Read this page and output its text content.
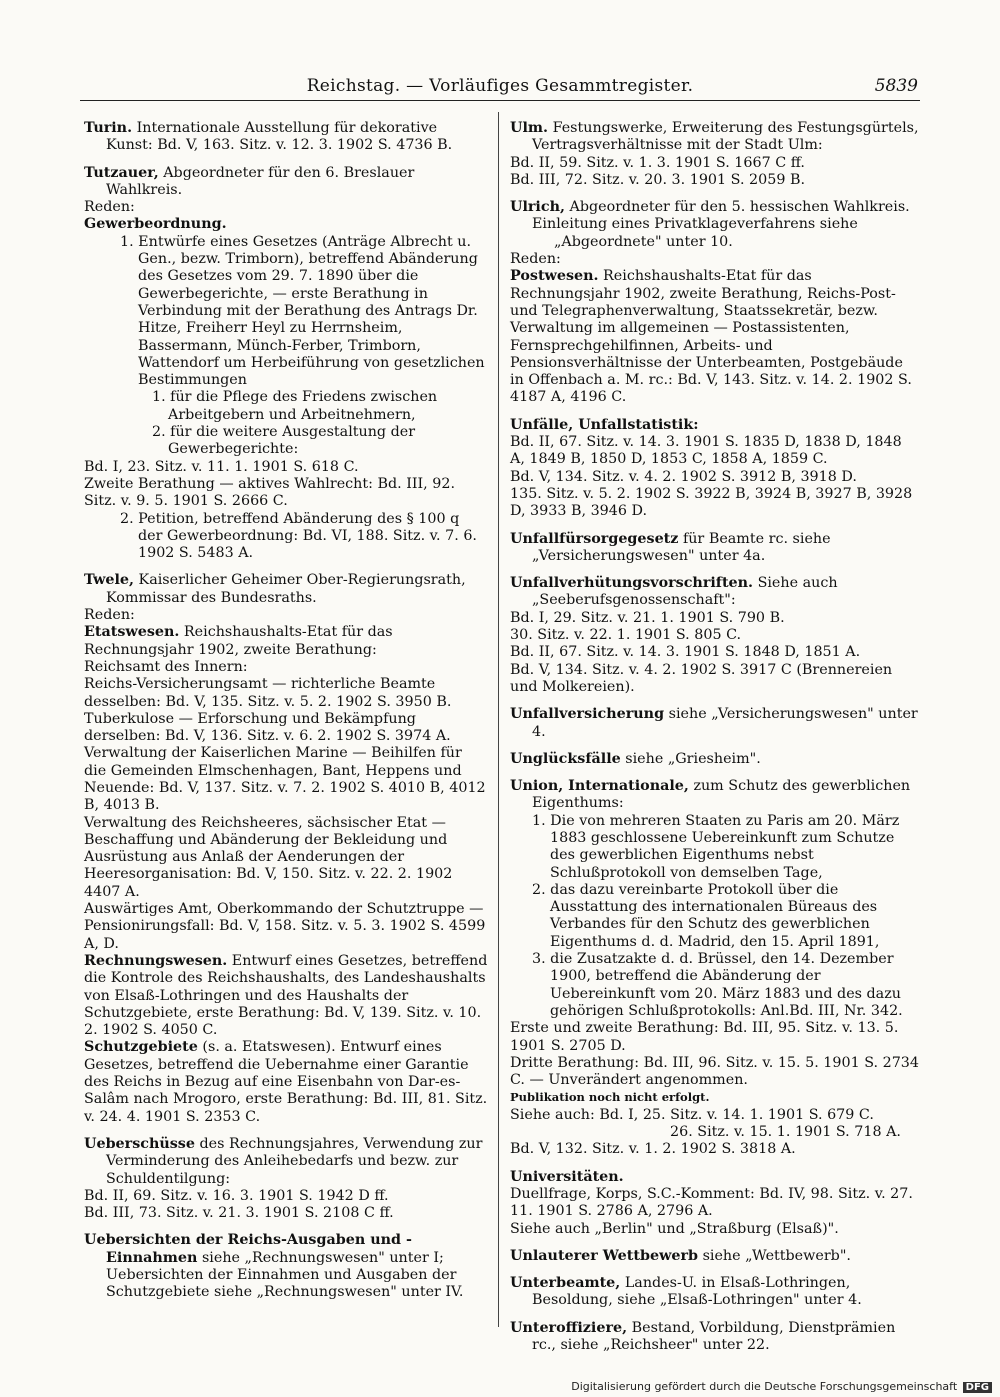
Reichstag. — Vorläufiges Gesammtregister.	5839

Turin. Internationale Ausstellung für dekorative Kunst: Bd. V, 163. Sitz. v. 12. 3. 1902 S. 4736 B.

Tutzauer, Abgeordneter für den 6. Breslauer Wahlkreis.

Reden:

Gewerbeordnung.

1. Entwürfe eines Gesetzes (Anträge Albrecht u. Gen., bezw. Trimborn), betreffend Abänderung des Gesetzes vom 29. 7. 1890 über die Gewerbegerichte, — erste Berathung in Verbindung mit der Berathung des Antrags Dr. Hitze, Freiherr Heyl zu Herrnsheim, Bassermann, Münch-Ferber, Trimborn, Wattendorf um Herbeiführung von gesetzlichen Bestimmungen

1. für die Pflege des Friedens zwischen Arbeitgebern und Arbeitnehmern,

2. für die weitere Ausgestaltung der Gewerbegerichte:

Bd. I, 23. Sitz. v. 11. 1. 1901 S. 618 C.

Zweite Berathung — aktives Wahlrecht: Bd. III, 92. Sitz. v. 9. 5. 1901 S. 2666 C.

2. Petition, betreffend Abänderung des § 100 q der Gewerbeordnung: Bd. VI, 188. Sitz. v. 7. 6. 1902 S. 5483 A.

Twele, Kaiserlicher Geheimer Ober-Regierungsrath, Kommissar des Bundesraths.

Reden:

Etatswesen. Reichshaushalts-Etat für das Rechnungsjahr 1902, zweite Berathung:

Reichsamt des Innern:

Reichs-Versicherungsamt — richterliche Beamte desselben: Bd. V, 135. Sitz. v. 5. 2. 1902 S. 3950 B.

Tuberkulose — Erforschung und Bekämpfung derselben: Bd. V, 136. Sitz. v. 6. 2. 1902 S. 3974 A.

Verwaltung der Kaiserlichen Marine — Beihilfen für die Gemeinden Elmschenhagen, Bant, Heppens und Neuende: Bd. V, 137. Sitz. v. 7. 2. 1902 S. 4010 B, 4012 B, 4013 B.

Verwaltung des Reichsheeres, sächsischer Etat — Beschaffung und Abänderung der Bekleidung und Ausrüstung aus Anlaß der Aenderungen der Heeresorganisation: Bd. V, 150. Sitz. v. 22. 2. 1902 4407 A.

Auswärtiges Amt, Oberkommando der Schutztruppe — Pensionirungsfall: Bd. V, 158. Sitz. v. 5. 3. 1902 S. 4599 A, D.

Rechnungswesen. Entwurf eines Gesetzes, betreffend die Kontrole des Reichshaushalts, des Landeshaushalts von Elsaß-Lothringen und des Haushalts der Schutzgebiete, erste Berathung: Bd. V, 139. Sitz. v. 10. 2. 1902 S. 4050 C.

Schutzgebiete (s. a. Etatswesen). Entwurf eines Gesetzes, betreffend die Uebernahme einer Garantie des Reichs in Bezug auf eine Eisenbahn von Dar-es-Salâm nach Mrogoro, erste Berathung: Bd. III, 81. Sitz. v. 24. 4. 1901 S. 2353 C.

Ueberschüsse des Rechnungsjahres, Verwendung zur Verminderung des Anleihebedarfs und bezw. zur Schuldentilgung:

Bd. II, 69. Sitz. v. 16. 3. 1901 S. 1942 D ff.

Bd. III, 73. Sitz. v. 21. 3. 1901 S. 2108 C ff.

Uebersichten der Reichs-Ausgaben und -Einnahmen siehe „Rechnungswesen" unter I; Uebersichten der Einnahmen und Ausgaben der Schutzgebiete siehe „Rechnungswesen" unter IV.

Ulm. Festungswerke, Erweiterung des Festungsgürtels, Vertragsverhältnisse mit der Stadt Ulm:

Bd. II, 59. Sitz. v. 1. 3. 1901 S. 1667 C ff.

Bd. III, 72. Sitz. v. 20. 3. 1901 S. 2059 B.

Ulrich, Abgeordneter für den 5. hessischen Wahlkreis.

Einleitung eines Privatklageverfahrens siehe „Abgeordnete" unter 10.

Reden:

Postwesen. Reichshaushalts-Etat für das Rechnungsjahr 1902, zweite Berathung, Reichs-Post- und Telegraphenverwaltung, Staatssekretär, bezw. Verwaltung im allgemeinen — Postassistenten, Fernsprechgehilfinnen, Arbeits- und Pensionsverhältnisse der Unterbeamten, Postgebäude in Offenbach a. M. rc.: Bd. V, 143. Sitz. v. 14. 2. 1902 S. 4187 A, 4196 C.

Unfälle, Unfallstatistik:

Bd. II, 67. Sitz. v. 14. 3. 1901 S. 1835 D, 1838 D, 1848 A, 1849 B, 1850 D, 1853 C, 1858 A, 1859 C.

Bd. V, 134. Sitz. v. 4. 2. 1902 S. 3912 B, 3918 D.

135. Sitz. v. 5. 2. 1902 S. 3922 B, 3924 B, 3927 B, 3928 D, 3933 B, 3946 D.

Unfallfürsorgegesetz für Beamte rc. siehe „Versicherungswesen" unter 4a.

Unfallverhütungsvorschriften. Siehe auch „Seeberufsgenossenschaft":

Bd. I, 29. Sitz. v. 21. 1. 1901 S. 790 B.

30. Sitz. v. 22. 1. 1901 S. 805 C.

Bd. II, 67. Sitz. v. 14. 3. 1901 S. 1848 D, 1851 A.

Bd. V, 134. Sitz. v. 4. 2. 1902 S. 3917 C (Brennereien und Molkereien).

Unfallversicherung siehe „Versicherungswesen" unter 4.

Unglücksfälle siehe „Griesheim".

Union, Internationale, zum Schutz des gewerblichen Eigenthums:

1. Die von mehreren Staaten zu Paris am 20. März 1883 geschlossene Uebereinkunft zum Schutze des gewerblichen Eigenthums nebst Schlußprotokoll von demselben Tage,

2. das dazu vereinbarte Protokoll über die Ausstattung des internationalen Büreaus des Verbandes für den Schutz des gewerblichen Eigenthums d. d. Madrid, den 15. April 1891,

3. die Zusatzakte d. d. Brüssel, den 14. Dezember 1900, betreffend die Abänderung der Uebereinkunft vom 20. März 1883 und des dazu gehörigen Schlußprotokolls: Anl.Bd. III, Nr. 342.

Erste und zweite Berathung: Bd. III, 95. Sitz. v. 13. 5. 1901 S. 2705 D.

Dritte Berathung: Bd. III, 96. Sitz. v. 15. 5. 1901 S. 2734 C. — Unverändert angenommen.

Publikation noch nicht erfolgt.

Siehe auch: Bd. I, 25. Sitz. v. 14. 1. 1901 S. 679 C.

26. Sitz. v. 15. 1. 1901 S. 718 A.

Bd. V, 132. Sitz. v. 1. 2. 1902 S. 3818 A.

Universitäten.

Duellfrage, Korps, S.C.-Komment: Bd. IV, 98. Sitz. v. 27. 11. 1901 S. 2786 A, 2796 A.

Siehe auch „Berlin" und „Straßburg (Elsaß)".

Unlauterer Wettbewerb siehe „Wettbewerb".

Unterbeamte, Landes-U. in Elsaß-Lothringen, Besoldung, siehe „Elsaß-Lothringen" unter 4.

Unteroffiziere, Bestand, Vorbildung, Dienstprämien rc., siehe „Reichsheer" unter 22.

Digitalisierung gefördert durch die Deutsche Forschungsgemeinschaft DFG
